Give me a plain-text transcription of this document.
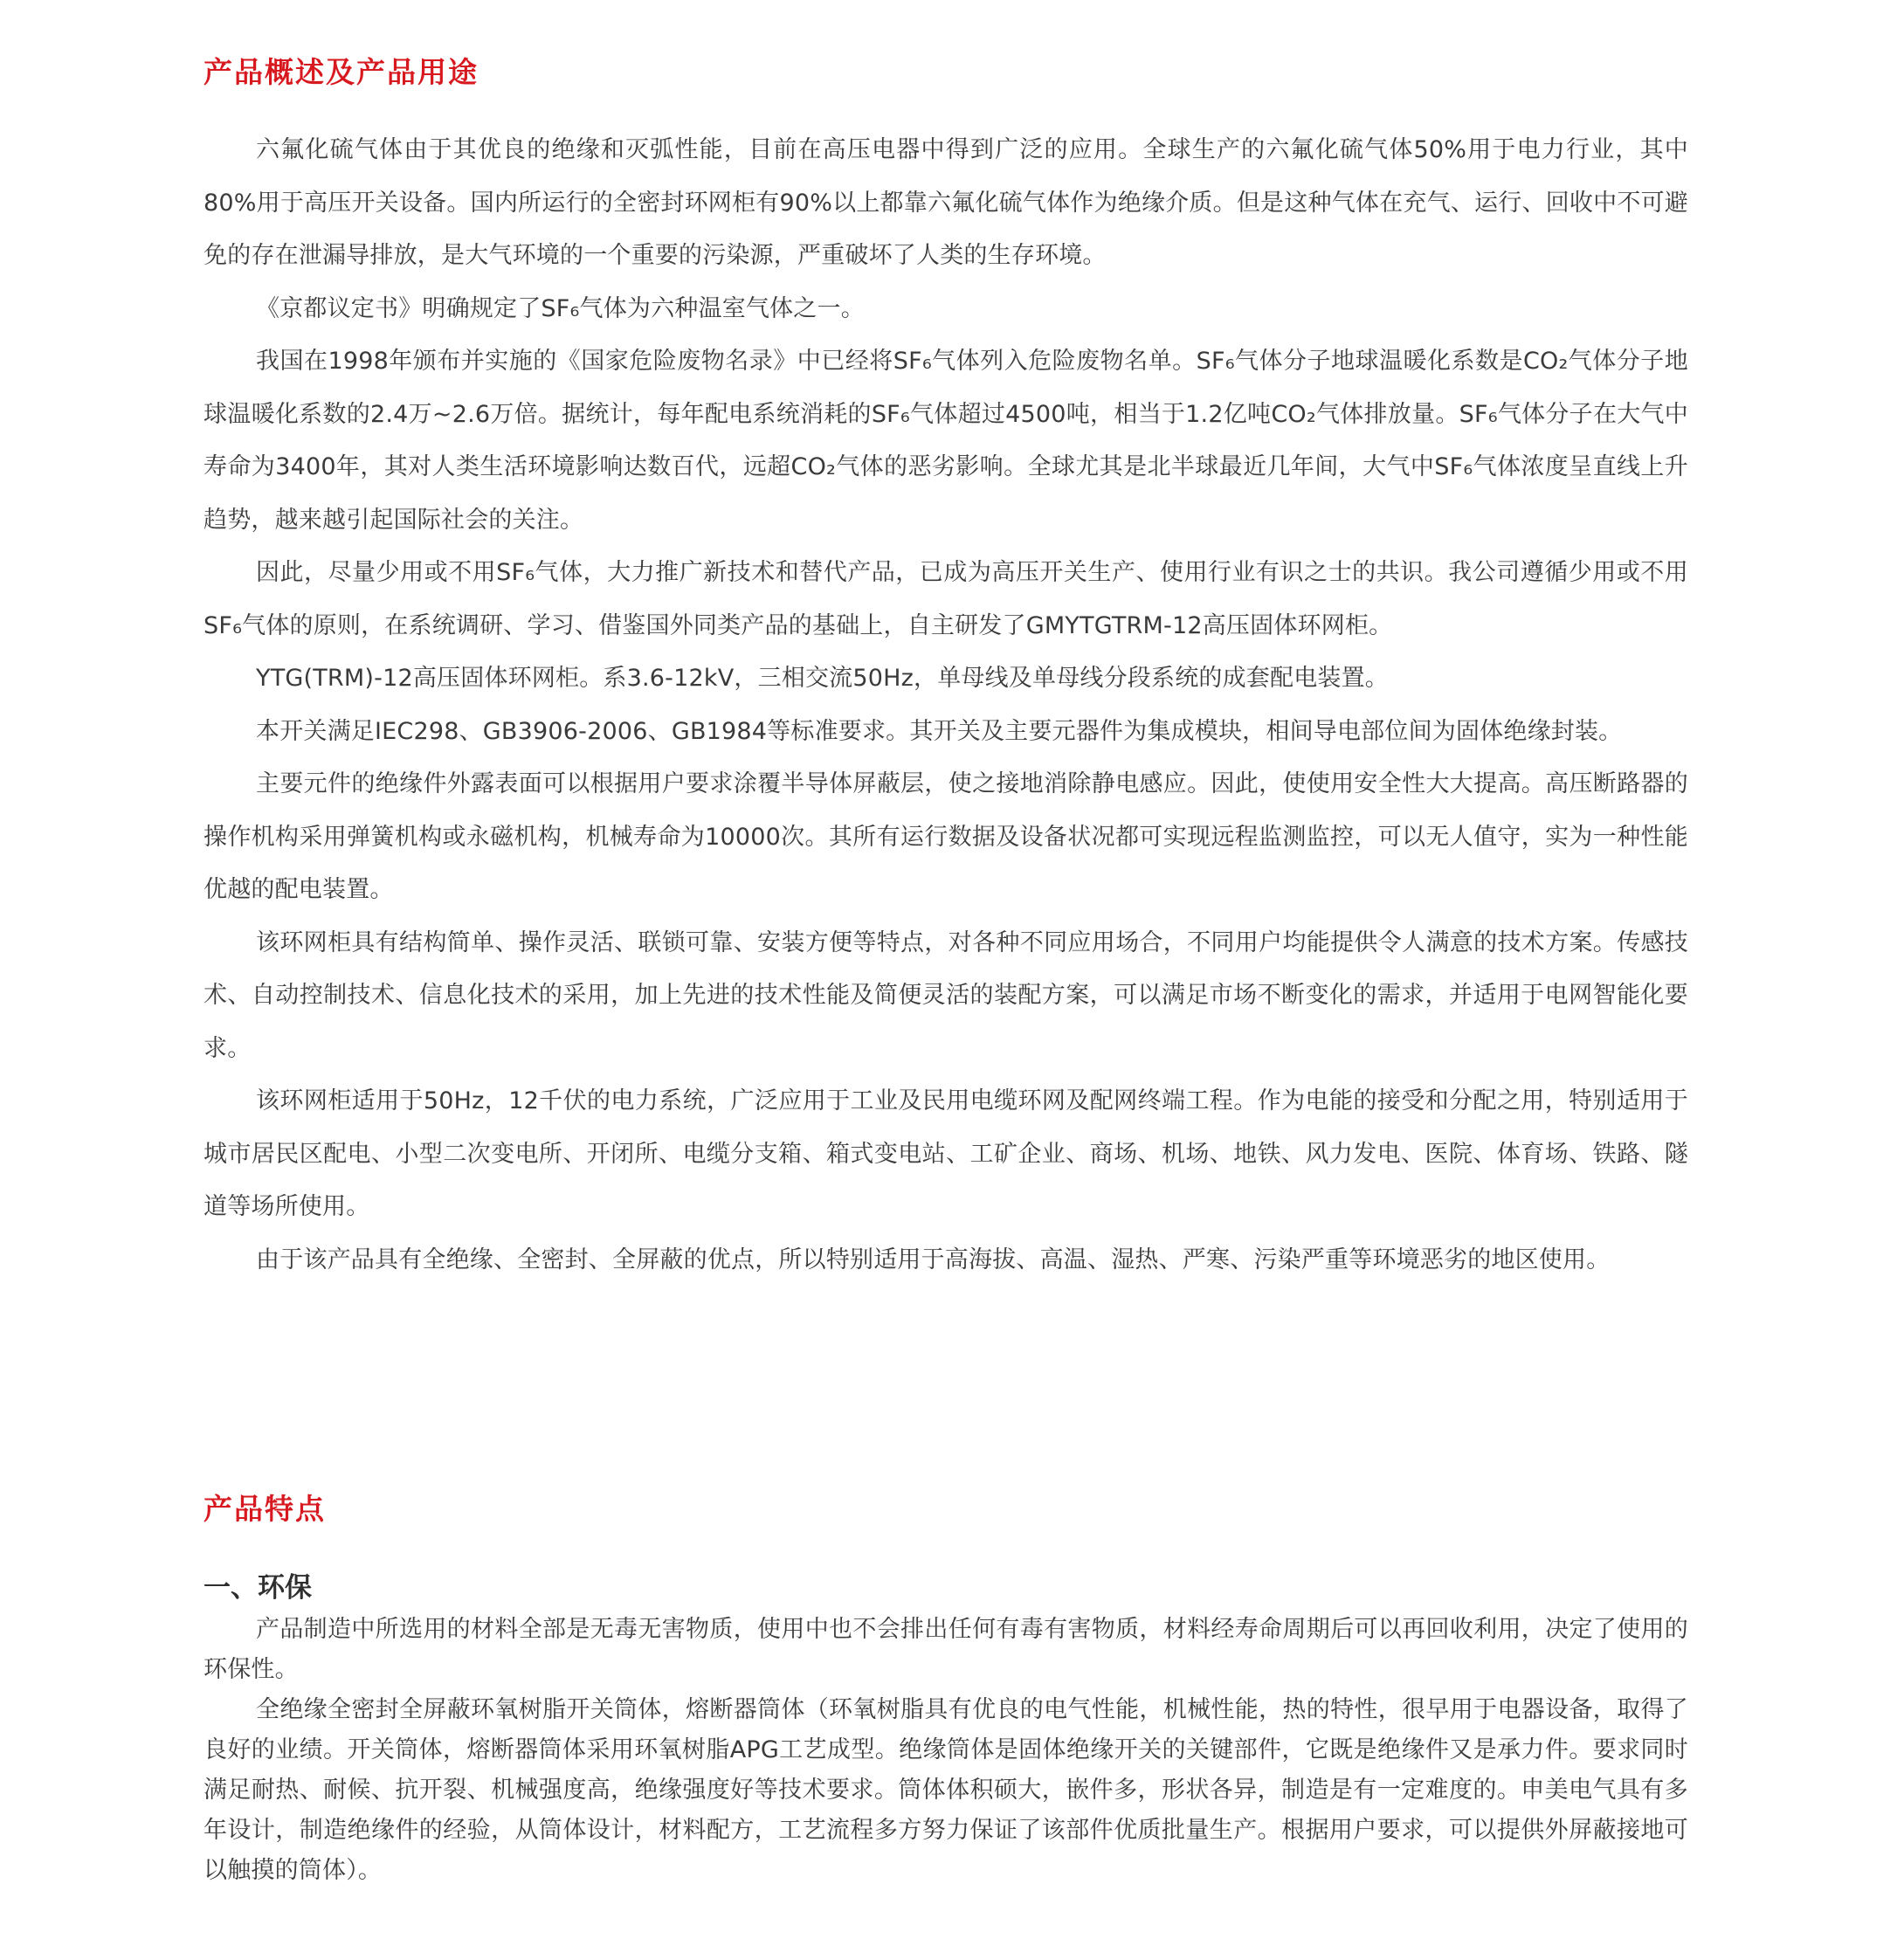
产品概述及产品用途

六氟化硫气体由于其优良的绝缘和灭弧性能，目前在高压电器中得到广泛的应用。全球生产的六氟化硫气体50%用于电力行业，其中80%用于高压开关设备。国内所运行的全密封环网柜有90%以上都靠六氟化硫气体作为绝缘介质。但是这种气体在充气、运行、回收中不可避免的存在泄漏导排放，是大气环境的一个重要的污染源，严重破坏了人类的生存环境。

《京都议定书》明确规定了SF₆气体为六种温室气体之一。

我国在1998年颁布并实施的《国家危险废物名录》中已经将SF₆气体列入危险废物名单。SF₆气体分子地球温暖化系数是CO₂气体分子地球温暖化系数的2.4万~2.6万倍。据统计，每年配电系统消耗的SF₆气体超过4500吨，相当于1.2亿吨CO₂气体排放量。SF₆气体分子在大气中寿命为3400年，其对人类生活环境影响达数百代，远超CO₂气体的恶劣影响。全球尤其是北半球最近几年间，大气中SF₆气体浓度呈直线上升趋势，越来越引起国际社会的关注。

因此，尽量少用或不用SF₆气体，大力推广新技术和替代产品，已成为高压开关生产、使用行业有识之士的共识。我公司遵循少用或不用SF₆气体的原则，在系统调研、学习、借鉴国外同类产品的基础上，自主研发了GMYTGTRM-12高压固体环网柜。

YTG(TRM)-12高压固体环网柜。系3.6-12kV，三相交流50Hz，单母线及单母线分段系统的成套配电装置。

本开关满足IEC298、GB3906-2006、GB1984等标准要求。其开关及主要元器件为集成模块，相间导电部位间为固体绝缘封装。

主要元件的绝缘件外露表面可以根据用户要求涂覆半导体屏蔽层，使之接地消除静电感应。因此，使使用安全性大大提高。高压断路器的操作机构采用弹簧机构或永磁机构，机械寿命为10000次。其所有运行数据及设备状况都可实现远程监测监控，可以无人值守，实为一种性能优越的配电装置。

该环网柜具有结构简单、操作灵活、联锁可靠、安装方便等特点，对各种不同应用场合，不同用户均能提供令人满意的技术方案。传感技术、自动控制技术、信息化技术的采用，加上先进的技术性能及简便灵活的装配方案，可以满足市场不断变化的需求，并适用于电网智能化要求。

该环网柜适用于50Hz，12千伏的电力系统，广泛应用于工业及民用电缆环网及配网终端工程。作为电能的接受和分配之用，特别适用于城市居民区配电、小型二次变电所、开闭所、电缆分支箱、箱式变电站、工矿企业、商场、机场、地铁、风力发电、医院、体育场、铁路、隧道等场所使用。

由于该产品具有全绝缘、全密封、全屏蔽的优点，所以特别适用于高海拔、高温、湿热、严寒、污染严重等环境恶劣的地区使用。

产品特点
一、环保

产品制造中所选用的材料全部是无毒无害物质，使用中也不会排出任何有毒有害物质，材料经寿命周期后可以再回收利用，决定了使用的环保性。

全绝缘全密封全屏蔽环氧树脂开关筒体，熔断器筒体（环氧树脂具有优良的电气性能，机械性能，热的特性，很早用于电器设备，取得了良好的业绩。开关筒体，熔断器筒体采用环氧树脂APG工艺成型。绝缘筒体是固体绝缘开关的关键部件，它既是绝缘件又是承力件。要求同时满足耐热、耐候、抗开裂、机械强度高，绝缘强度好等技术要求。筒体体积硕大，嵌件多，形状各异，制造是有一定难度的。申美电气具有多年设计，制造绝缘件的经验，从筒体设计，材料配方，工艺流程多方努力保证了该部件优质批量生产。根据用户要求，可以提供外屏蔽接地可以触摸的筒体）。
